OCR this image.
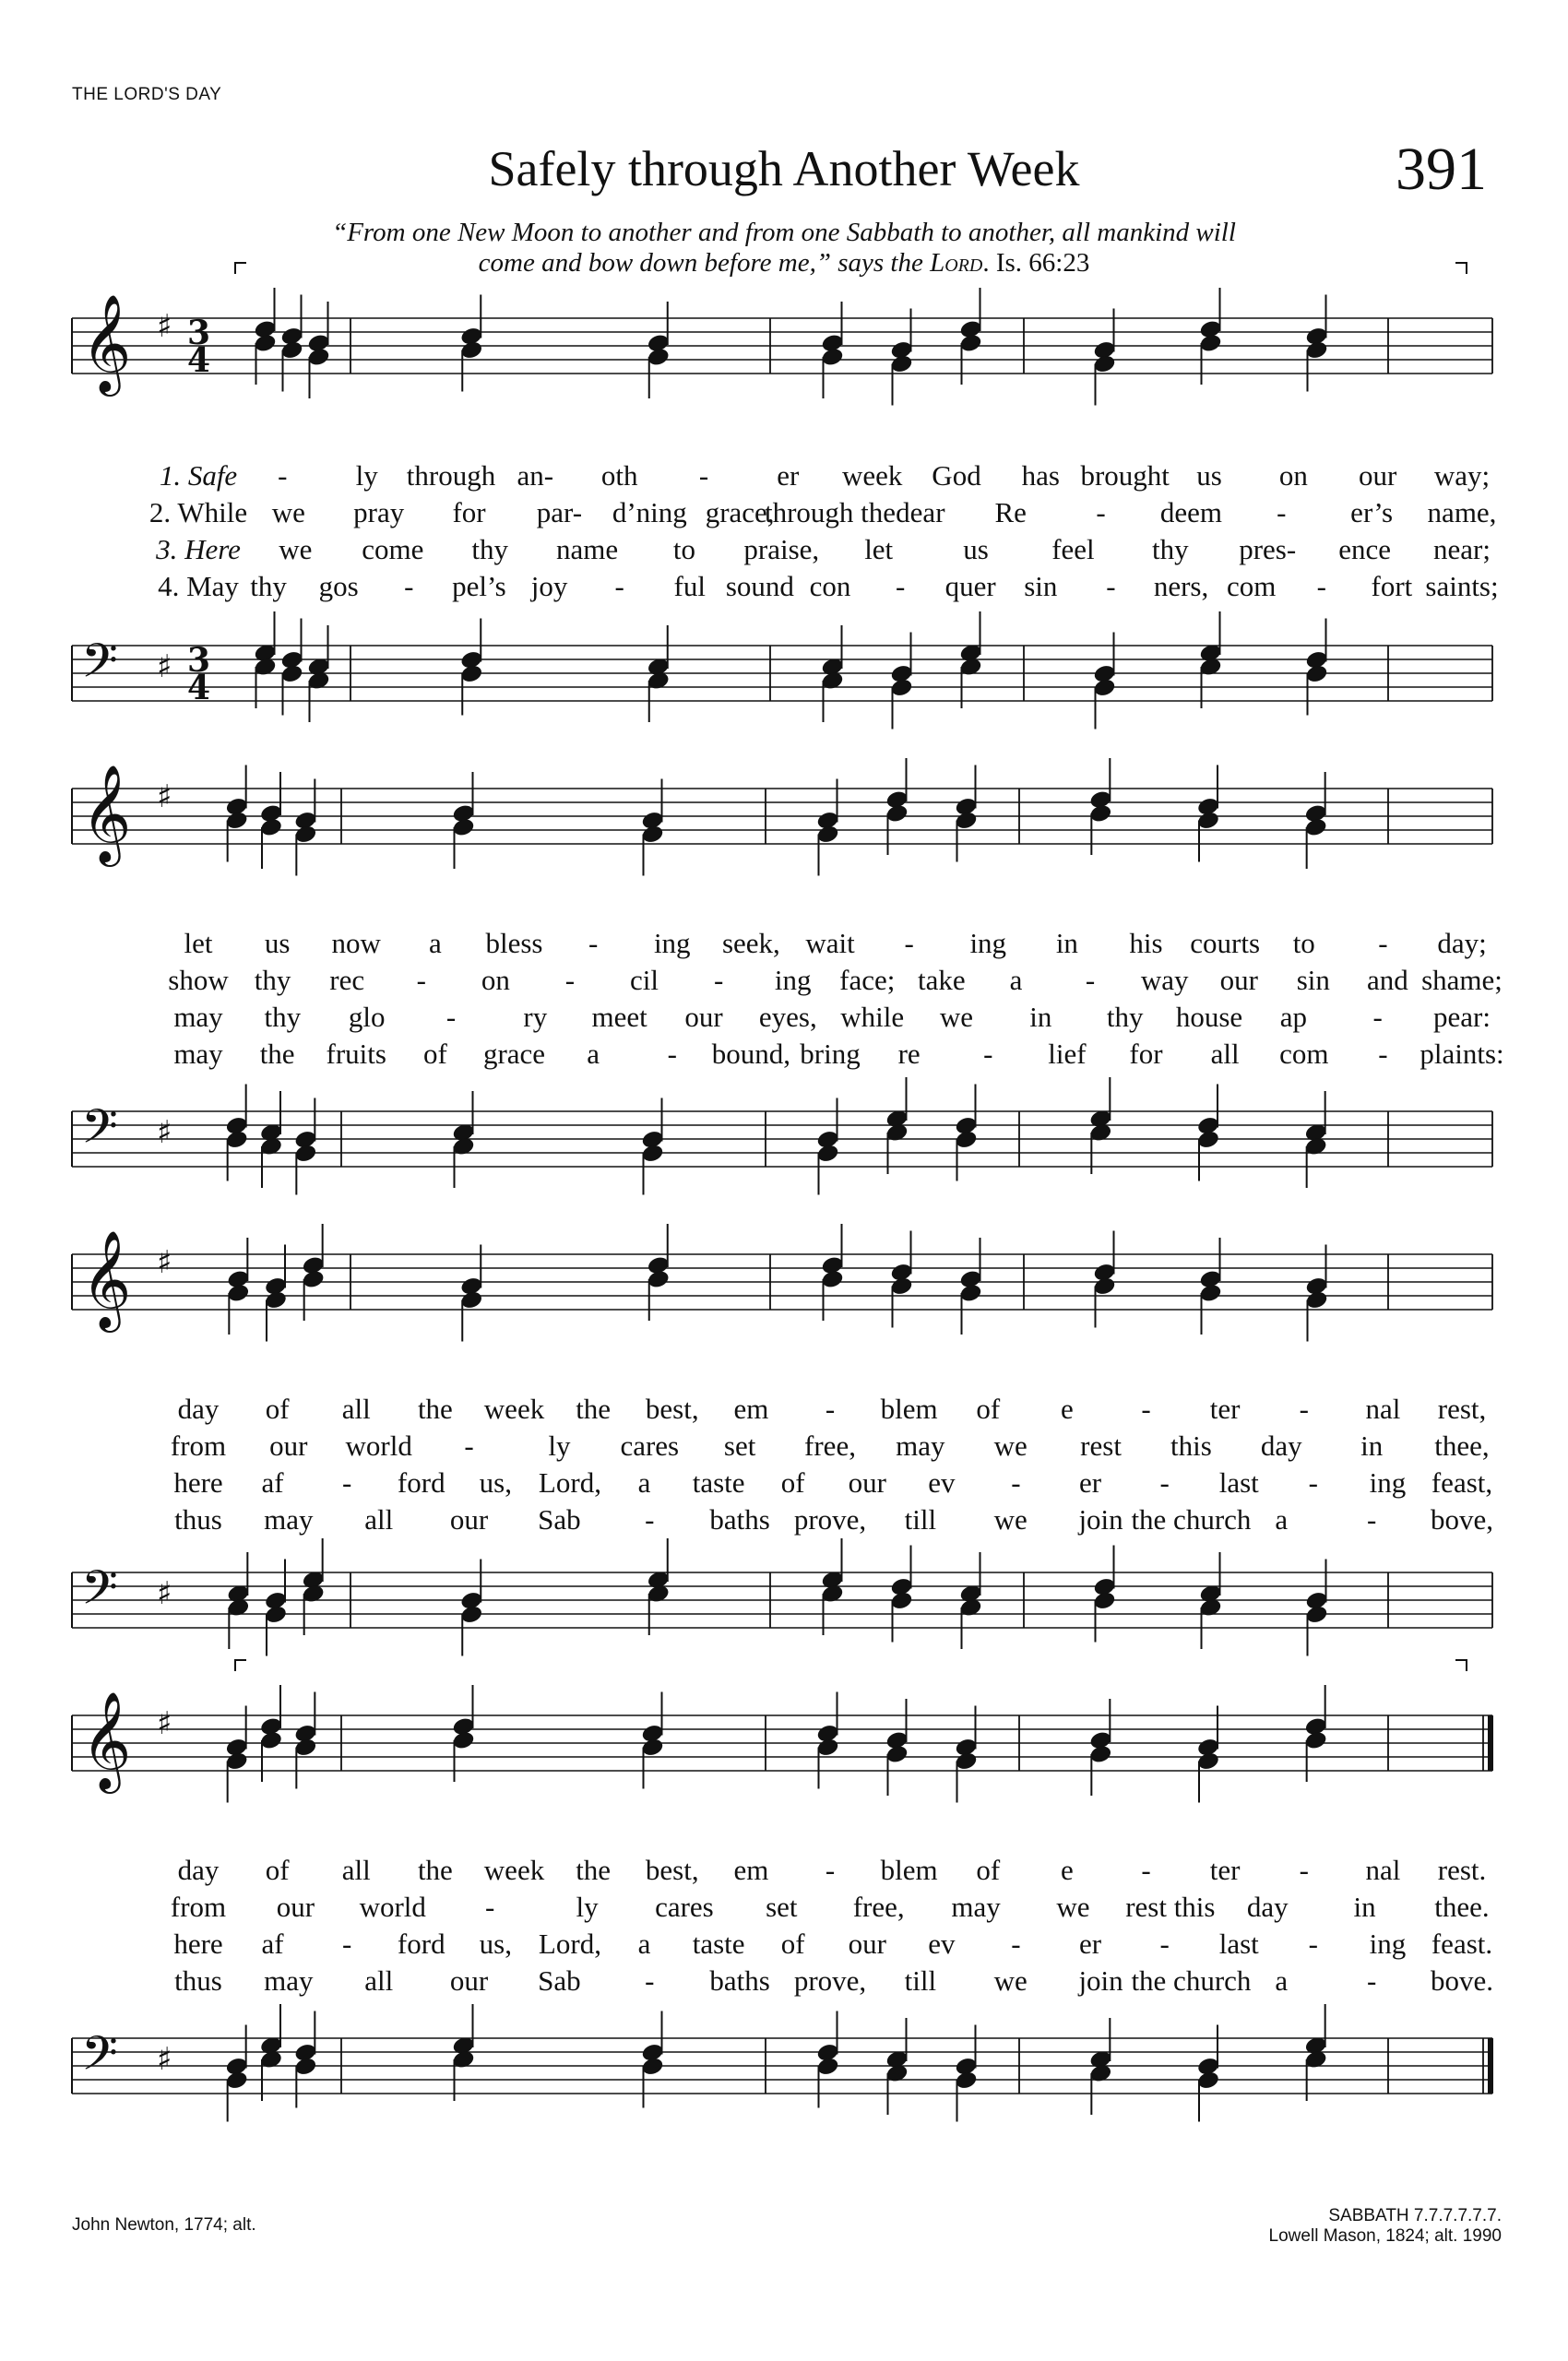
THE LORD'S DAY
Safely through Another Week	391
“From one New Moon to another and from one Sabbath to another, all mankind will
come and bow down before me,” says the Lord. Is. 66:23
𝄞 ♯ 3
4
𝄢 ♯ 3
4
𝄞 ♯
𝄢 ♯
𝄞 ♯
𝄢 ♯
𝄞 ♯
𝄢 ♯
1. Safe - ly through an- oth - er week God has brought us on our way;
2. While we pray for par- d’ning grace,
through the dear Re - deem - er’s name,
3. Here we come thy name to praise, let us feel thy pres- ence near;
4. May thy gos - pel’s joy - ful sound con - quer sin - ners, com - fort saints;
let us now a bless - ing seek, wait - ing in his courts to - day;
show thy rec - on - cil - ing face; take a - way our sin and shame;
may thy glo - ry meet our eyes, while we in thy house ap - pear:
may the fruits of grace a - bound, bring re - lief for all com - plaints:
day of all the week the best, em - blem of e - ter - nal rest,
from our world -	ly cares set free, may we rest this day in thee,
here af - ford us, Lord, a taste of our ev - er - last - ing feast,
thus may all our Sab - baths prove, till we join the church a	- bove,
day of all the week the best, em - blem of e - ter - nal rest.
from our world -	ly cares set free, may we rest this day in thee.
here af - ford us, Lord, a taste of our ev - er - last - ing feast.
thus may all our Sab - baths prove, till we join the church a	- bove.
John Newton, 1774; alt.	SABBATH 7.7.7.7.7.7.
Lowell Mason, 1824; alt. 1990
